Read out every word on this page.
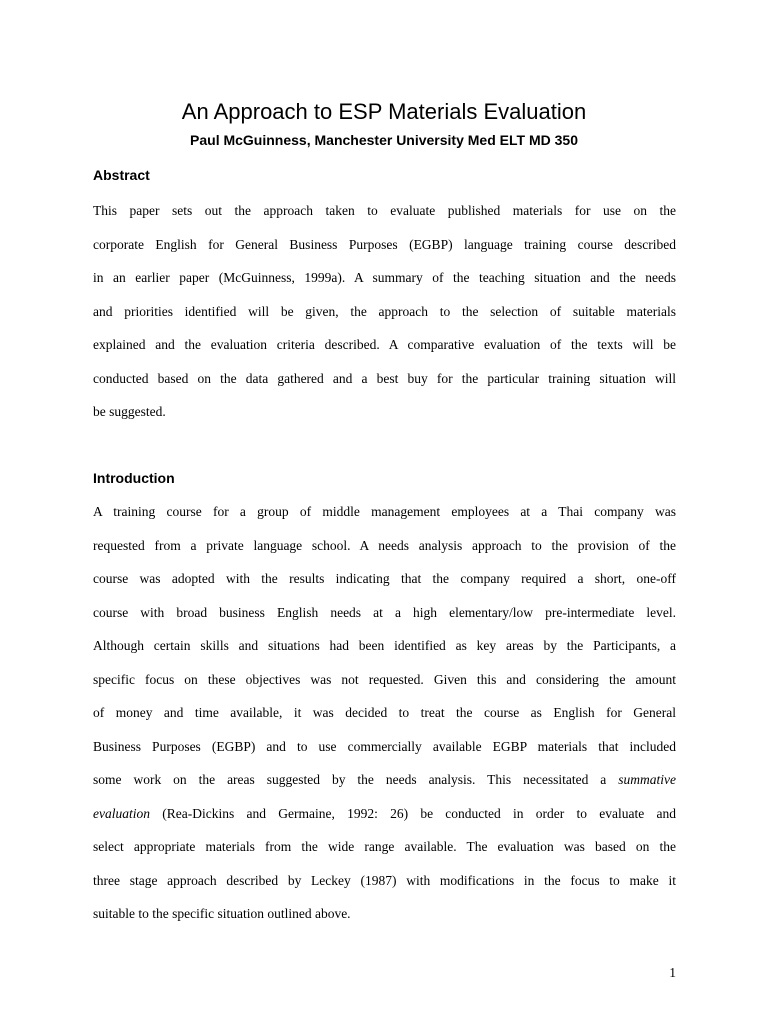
An Approach to ESP Materials Evaluation

Paul McGuinness, Manchester University Med ELT MD 350

Abstract
This paper sets out the approach taken to evaluate published materials for use on the
corporate English for General Business Purposes (EGBP) language training course described
in an earlier paper (McGuinness, 1999a). A summary of the teaching situation and the needs
and priorities identified will be given, the approach to the selection of suitable materials
explained and the evaluation criteria described. A comparative evaluation of the texts will be
conducted based on the data gathered and a best buy for the particular training situation will
be suggested.
Introduction
A training course for a group of middle management employees at a Thai company was
requested from a private language school. A needs analysis approach to the provision of the
course was adopted with the results indicating that the company required a short, one-off
course with broad business English needs at a high elementary/low pre-intermediate level.
Although certain skills and situations had been identified as key areas by the Participants, a
specific focus on these objectives was not requested. Given this and considering the amount
of money and time available, it was decided to treat the course as English for General
Business Purposes (EGBP) and to use commercially available EGBP materials that included
some work on the areas suggested by the needs analysis. This necessitated a summative
evaluation (Rea-Dickins and Germaine, 1992: 26) be conducted in order to evaluate and
select appropriate materials from the wide range available. The evaluation was based on the
three stage approach described by Leckey (1987) with modifications in the focus to make it
suitable to the specific situation outlined above.
1
